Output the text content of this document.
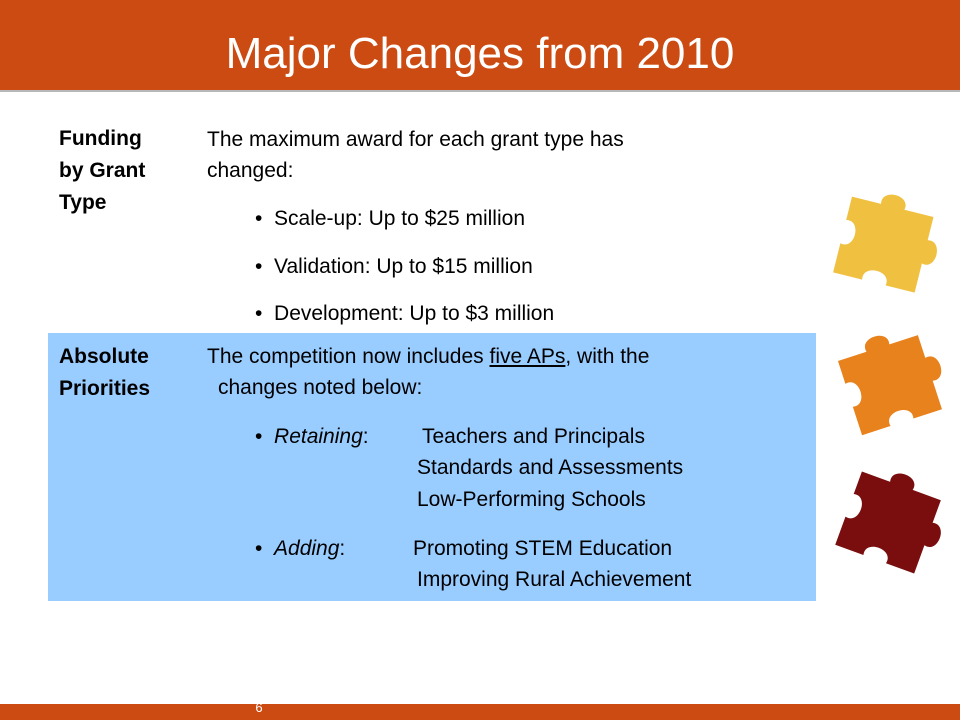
Major Changes from 2010
Funding
by Grant
Type
The maximum award for each grant type has
changed:
•  Scale-up: Up to $25 million
•  Validation: Up to $15 million
•  Development: Up to $3 million
Absolute
Priorities
The competition now includes five APs, with the
changes noted below:
•  Retaining:	Teachers and Principals
Standards and Assessments
Low-Performing Schools
•  Adding:	Promoting STEM Education
Improving Rural Achievement
6
